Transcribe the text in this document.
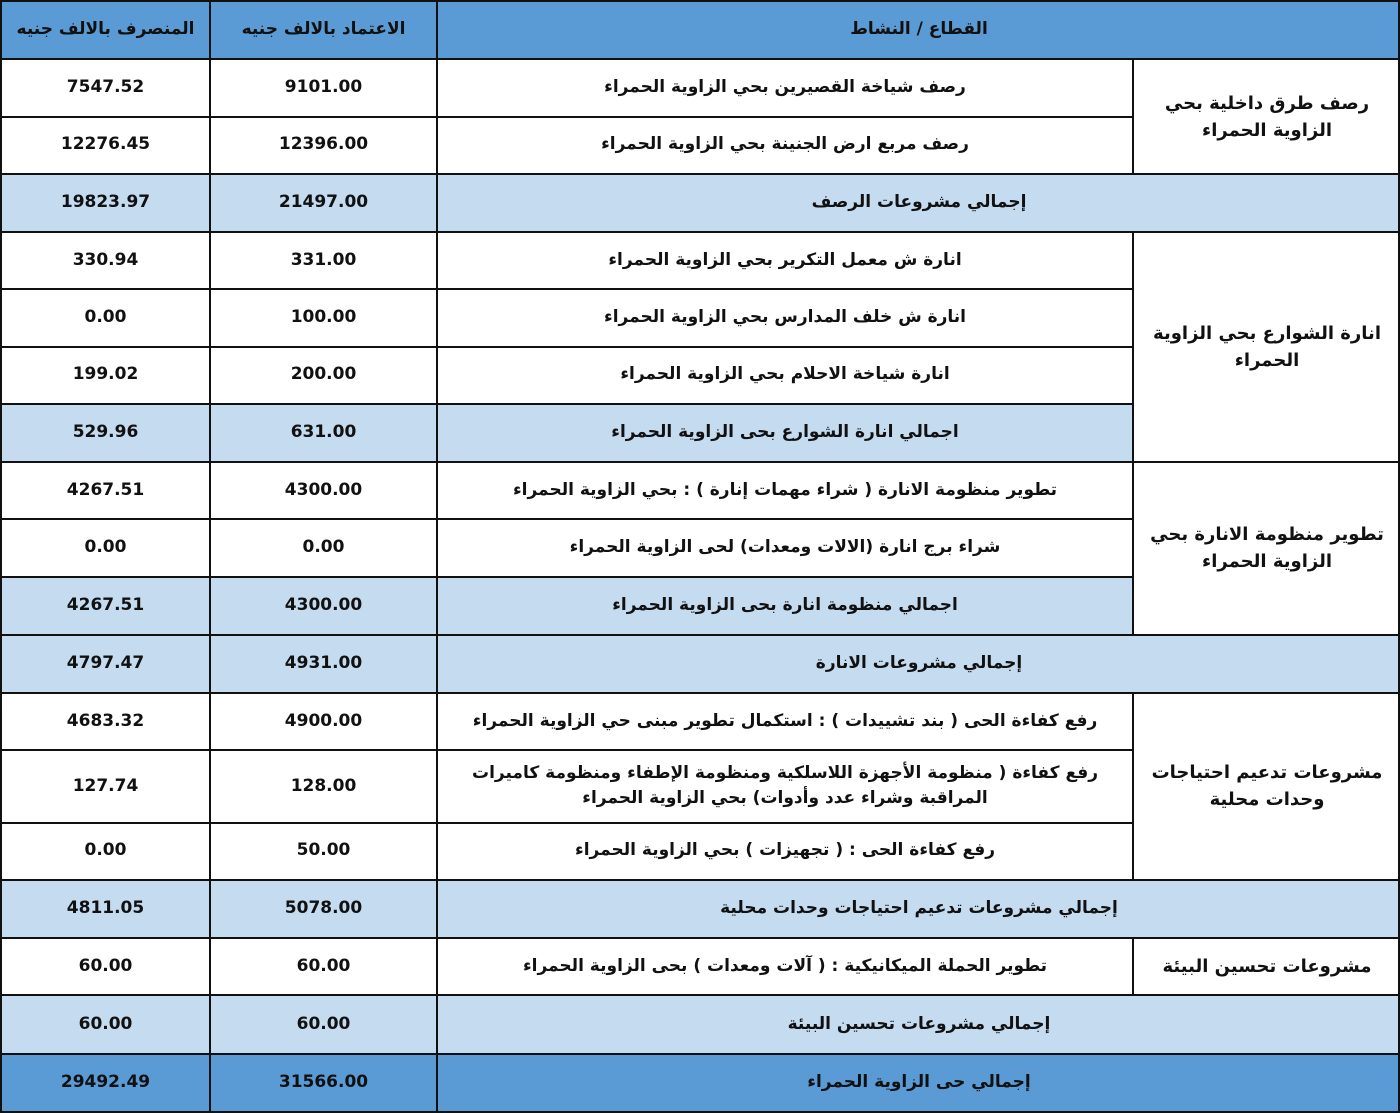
القطاع / النشاط		الاعتماد بالالف جنيه	المنصرف بالالف جنيه
رصف طرق داخلية بحي الزاوية الحمراء	رصف شياخة القصيرين بحي الزاوية الحمراء	9101.00	7547.52
	رصف مربع ارض الجنينة بحي الزاوية الحمراء	12396.00	12276.45
إجمالي مشروعات الرصف		21497.00	19823.97
انارة الشوارع بحي الزاوية الحمراء	انارة ش معمل التكرير بحي الزاوية الحمراء	331.00	330.94
	انارة ش خلف المدارس بحي الزاوية الحمراء	100.00	0.00
	انارة شياخة الاحلام بحي الزاوية الحمراء	200.00	199.02
	اجمالي انارة الشوارع بحى الزاوية الحمراء	631.00	529.96
تطوير منظومة الانارة بحي الزاوية الحمراء	تطوير منظومة الانارة ( شراء مهمات إنارة ) : بحي الزاوية الحمراء	4300.00	4267.51
	شراء برج انارة (الالات ومعدات) لحى الزاوية الحمراء	0.00	0.00
	اجمالي منظومة انارة بحى الزاوية الحمراء	4300.00	4267.51
إجمالي مشروعات الانارة		4931.00	4797.47
مشروعات تدعيم احتياجات وحدات محلية	رفع كفاءة الحى ( بند تشييدات ) : استكمال تطوير مبنى حي الزاوية الحمراء	4900.00	4683.32
	رفع كفاءة ( منظومة الأجهزة اللاسلكية ومنظومة الإطفاء ومنظومة كاميرات المراقبة وشراء عدد وأدوات) بحي الزاوية الحمراء	128.00	127.74
	رفع كفاءة الحى : ( تجهيزات ) بحي الزاوية الحمراء	50.00	0.00
إجمالي مشروعات تدعيم احتياجات وحدات محلية		5078.00	4811.05
مشروعات تحسين البيئة	تطوير الحملة الميكانيكية : ( آلات ومعدات ) بحى الزاوية الحمراء	60.00	60.00
إجمالي مشروعات تحسين البيئة		60.00	60.00
إجمالي حى الزاوية الحمراء		31566.00	29492.49
